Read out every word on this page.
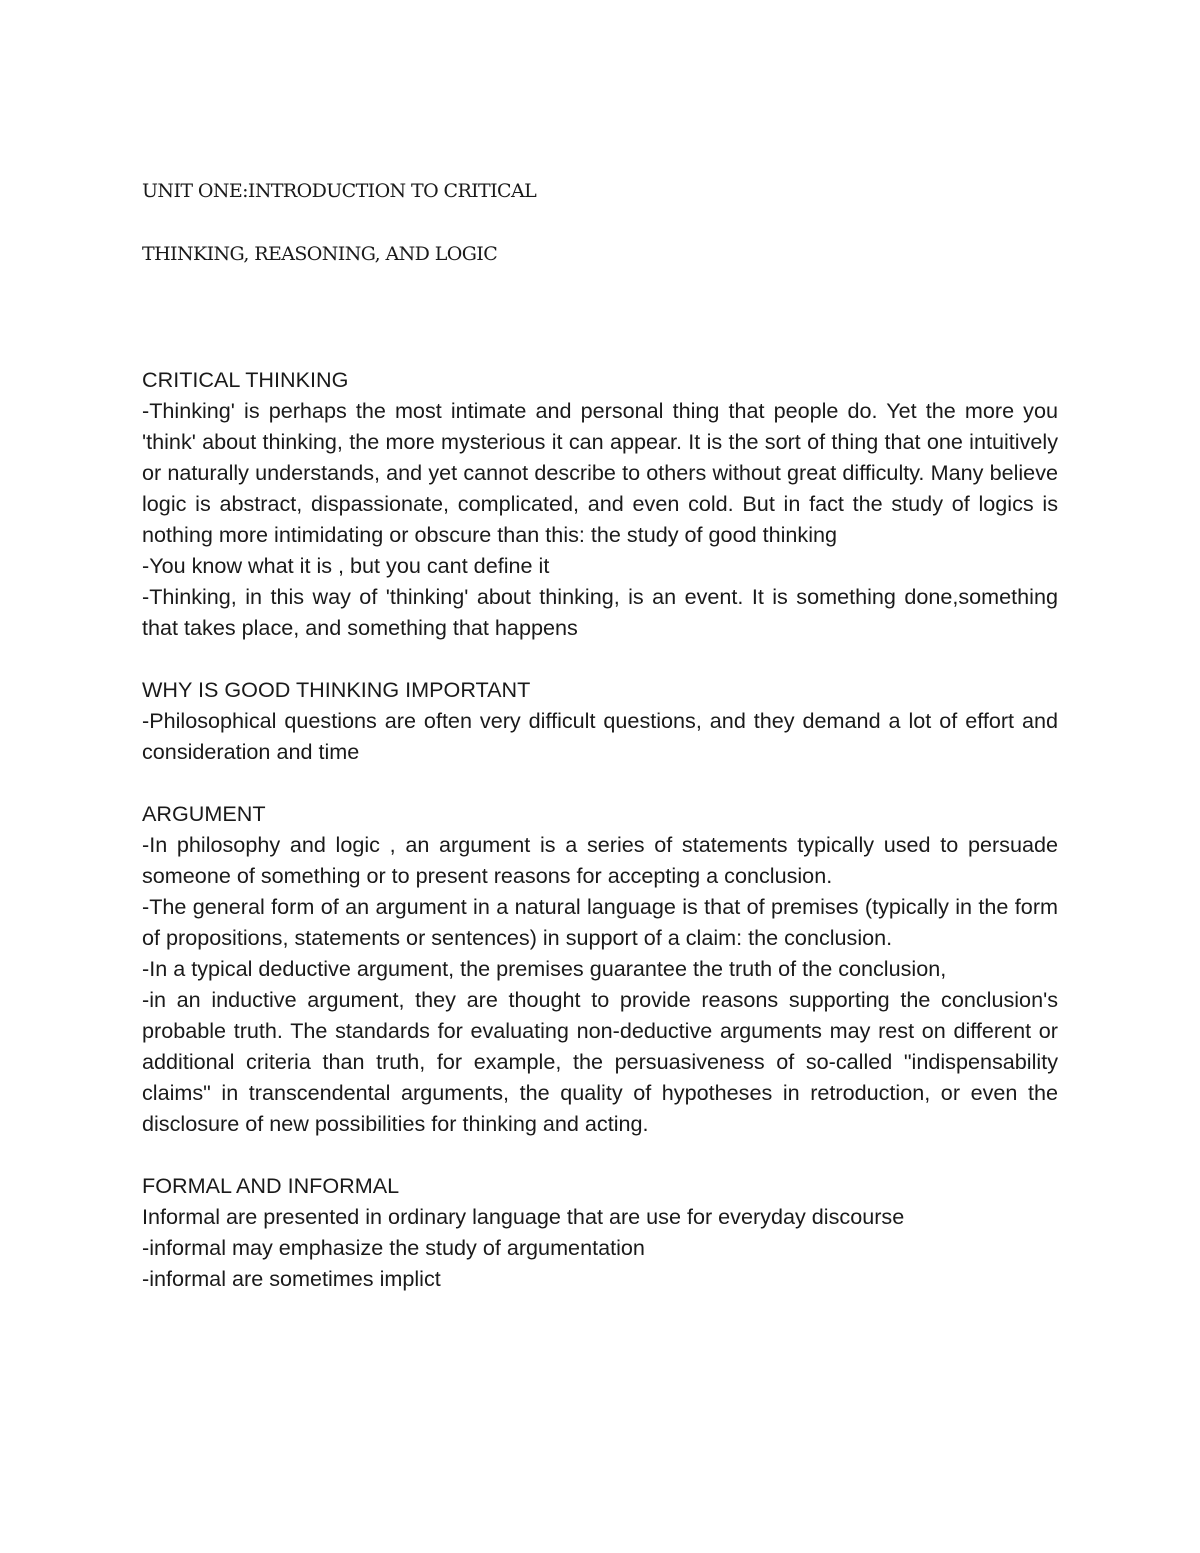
UNIT ONE:INTRODUCTION TO CRITICAL
THINKING, REASONING, AND LOGIC
CRITICAL THINKING

-Thinking' is perhaps the most intimate and personal thing that people do. Yet the more you 'think' about thinking, the more mysterious it can appear. It is the sort of thing that one intuitively or naturally understands, and yet cannot describe to others without great difficulty. Many believe logic is abstract, dispassionate, complicated, and even cold. But in fact the study of logics is nothing more intimidating or obscure than this: the study of good thinking

-You know what it is , but you cant define it

-Thinking, in this way of 'thinking' about thinking, is an event. It is something done,something that takes place, and something that happens

WHY IS GOOD THINKING IMPORTANT

-Philosophical questions are often very difficult questions, and they demand a lot of effort and consideration and time

ARGUMENT

-In philosophy and logic , an argument is a series of statements typically used to persuade someone of something or to present reasons for accepting a conclusion.

-The general form of an argument in a natural language is that of premises (typically in the form of propositions, statements or sentences) in support of a claim: the conclusion.

-In a typical deductive argument, the premises guarantee the truth of the conclusion,

-in an inductive argument, they are thought to provide reasons supporting the conclusion's probable truth. The standards for evaluating non-deductive arguments may rest on different or additional criteria than truth, for example, the persuasiveness of so-called "indispensability claims" in transcendental arguments, the quality of hypotheses in retroduction, or even the disclosure of new possibilities for thinking and acting.

FORMAL AND INFORMAL

Informal are presented in ordinary language that are use for everyday discourse

-informal may emphasize the study of argumentation

-informal are sometimes implict
